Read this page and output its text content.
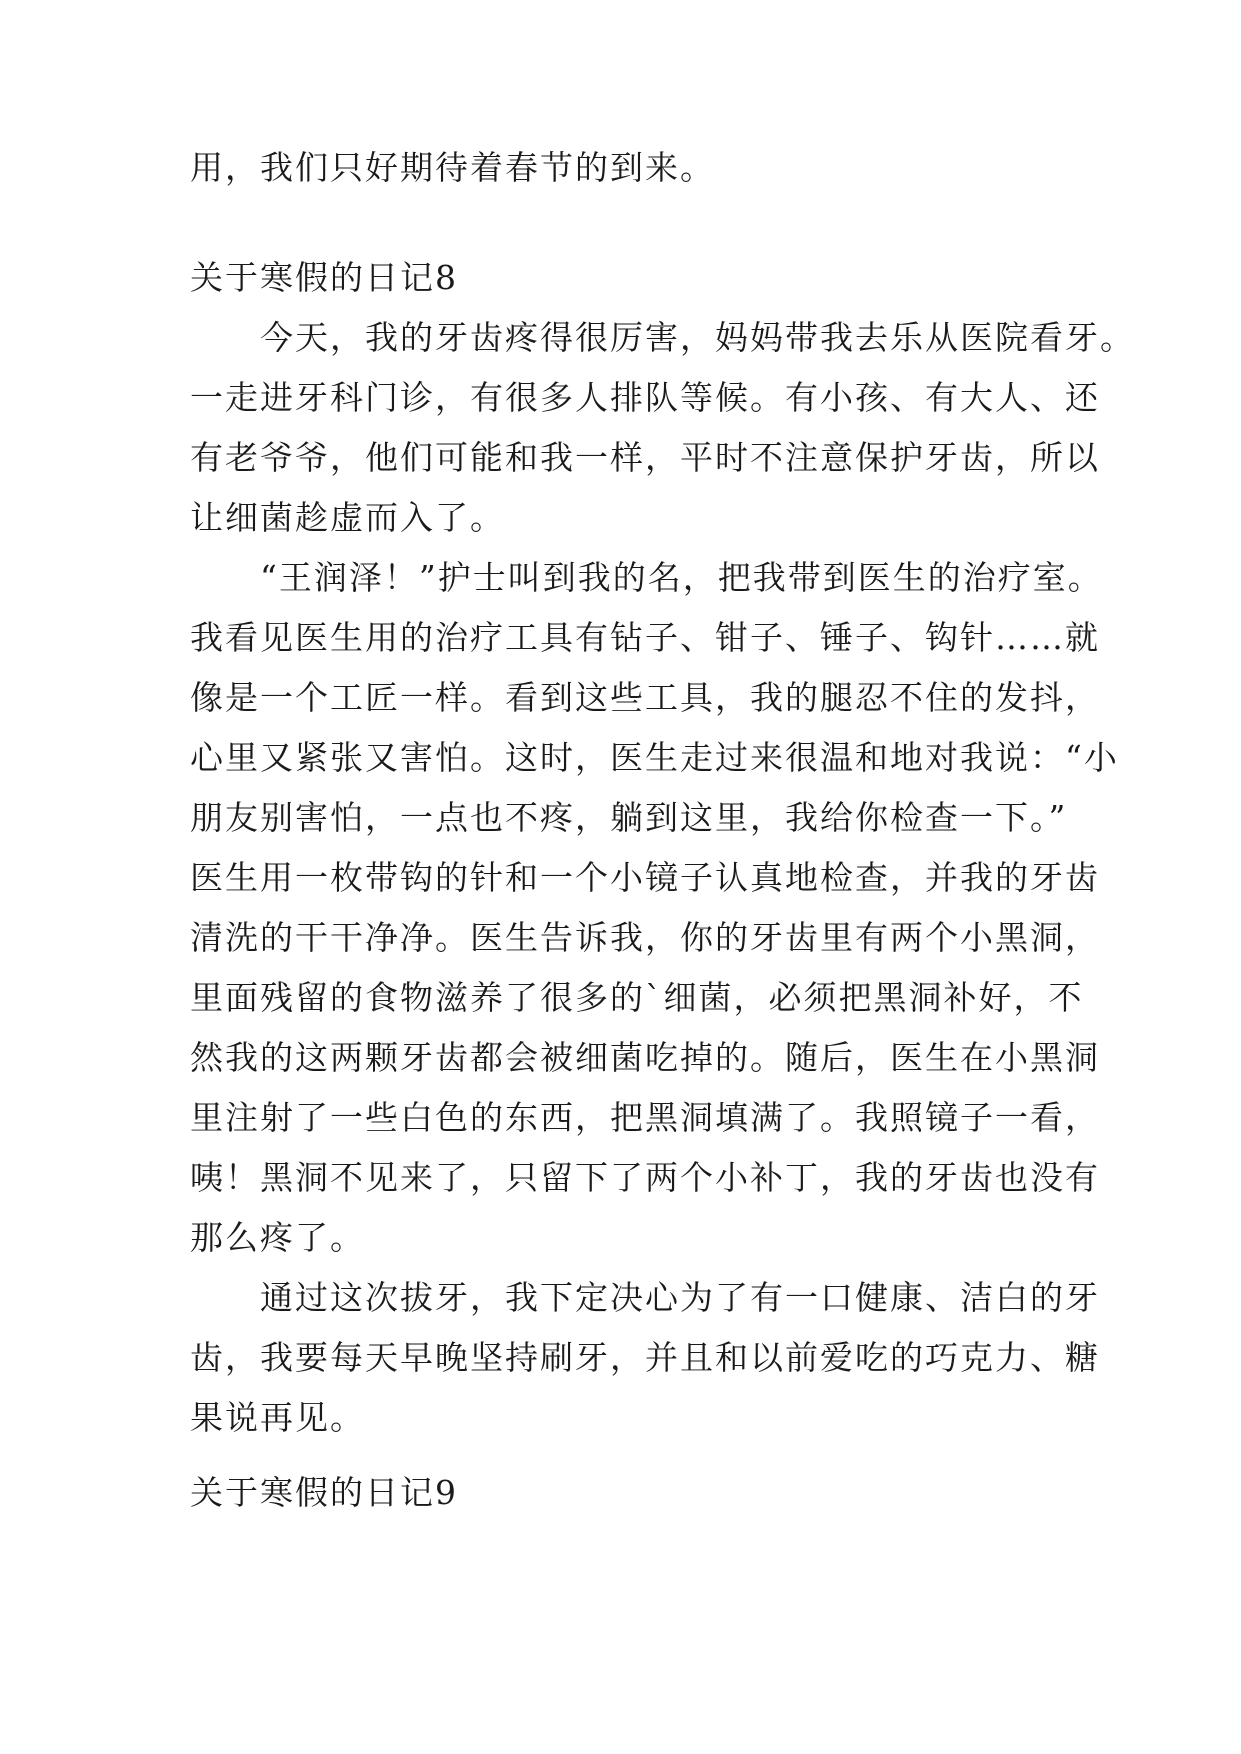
用，我们只好期待着春节的到来。
关于寒假的日记8
今天，我的牙齿疼得很厉害，妈妈带我去乐从医院看牙。
一走进牙科门诊，有很多人排队等候。有小孩、有大人、还
有老爷爷，他们可能和我一样，平时不注意保护牙齿，所以
让细菌趁虚而入了。
“王润泽！”护士叫到我的名，把我带到医生的治疗室。
我看见医生用的治疗工具有钻子、钳子、锤子、钩针……就
像是一个工匠一样。看到这些工具，我的腿忍不住的发抖，
心里又紧张又害怕。这时，医生走过来很温和地对我说：“小
朋友别害怕，一点也不疼，躺到这里，我给你检查一下。”
医生用一枚带钩的针和一个小镜子认真地检查，并我的牙齿
清洗的干干净净。医生告诉我，你的牙齿里有两个小黑洞，
里面残留的食物滋养了很多的`细菌，必须把黑洞补好，不
然我的这两颗牙齿都会被细菌吃掉的。随后，医生在小黑洞
里注射了一些白色的东西，把黑洞填满了。我照镜子一看，
咦！黑洞不见来了，只留下了两个小补丁，我的牙齿也没有
那么疼了。
通过这次拔牙，我下定决心为了有一口健康、洁白的牙
齿，我要每天早晚坚持刷牙，并且和以前爱吃的巧克力、糖
果说再见。
关于寒假的日记9
